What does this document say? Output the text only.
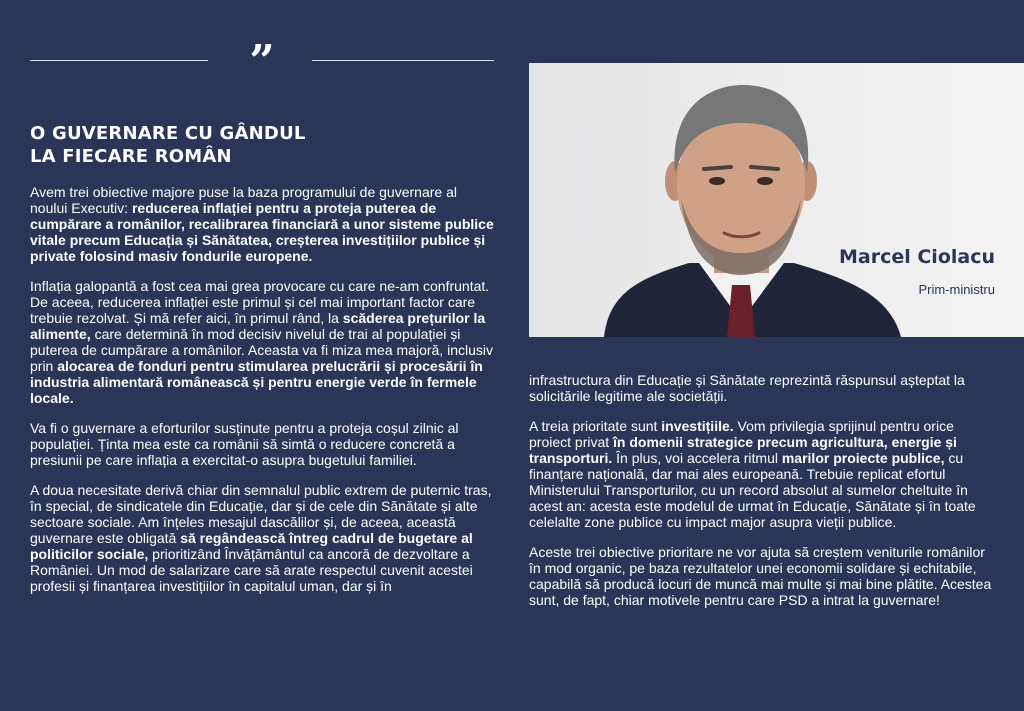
”
O GUVERNARE CU GÂNDUL
LA FIECARE ROMÂN

Avem trei obiective majore puse la baza programului de guvernare al noului Executiv: reducerea inflației pentru a proteja puterea de cumpărare a românilor, recalibrarea financiară a unor sisteme publice vitale precum Educația și Sănătatea, creșterea investițiilor publice și private folosind masiv fondurile europene.

Inflația galopantă a fost cea mai grea provocare cu care ne-am confruntat. De aceea, reducerea inflației este primul și cel mai important factor care trebuie rezolvat. Și mă refer aici, în primul rând, la scăderea prețurilor la alimente, care determină în mod decisiv nivelul de trai al populației și puterea de cumpărare a românilor. Aceasta va fi miza mea majoră, inclusiv prin alocarea de fonduri pentru stimularea prelucrării și procesării în industria alimentară românească și pentru energie verde în fermele locale.

Va fi o guvernare a eforturilor susținute pentru a proteja coșul zilnic al populației. Ținta mea este ca românii să simtă o reducere concretă a presiunii pe care inflația a exercitat-o asupra bugetului familiei.

A doua necesitate derivă chiar din semnalul public extrem de puternic tras, în special, de sindicatele din Educație, dar și de cele din Sănătate și alte sectoare sociale. Am înțeles mesajul dascălilor și, de aceea, această guvernare este obligată să regândească întreg cadrul de bugetare al politicilor sociale, prioritizând Învățământul ca ancoră de dezvoltare a României. Un mod de salarizare care să arate respectul cuvenit acestei profesii și finanțarea investițiilor în capitalul uman, dar și în

Marcel Ciolacu
Prim-ministru

infrastructura din Educație și Sănătate reprezintă răspunsul așteptat la solicitările legitime ale societății.

A treia prioritate sunt investițiile. Vom privilegia sprijinul pentru orice proiect privat în domenii strategice precum agricultura, energie și transporturi. În plus, voi accelera ritmul marilor proiecte publice, cu finanțare națională, dar mai ales europeană. Trebuie replicat efortul Ministerului Transporturilor, cu un record absolut al sumelor cheltuite în acest an: acesta este modelul de urmat în Educație, Sănătate și în toate celelalte zone publice cu impact major asupra vieții publice.

Aceste trei obiective prioritare ne vor ajuta să creștem veniturile românilor în mod organic, pe baza rezultatelor unei economii solidare și echitabile, capabilă să producă locuri de muncă mai multe și mai bine plătite. Acestea sunt, de fapt, chiar motivele pentru care PSD a intrat la guvernare!
